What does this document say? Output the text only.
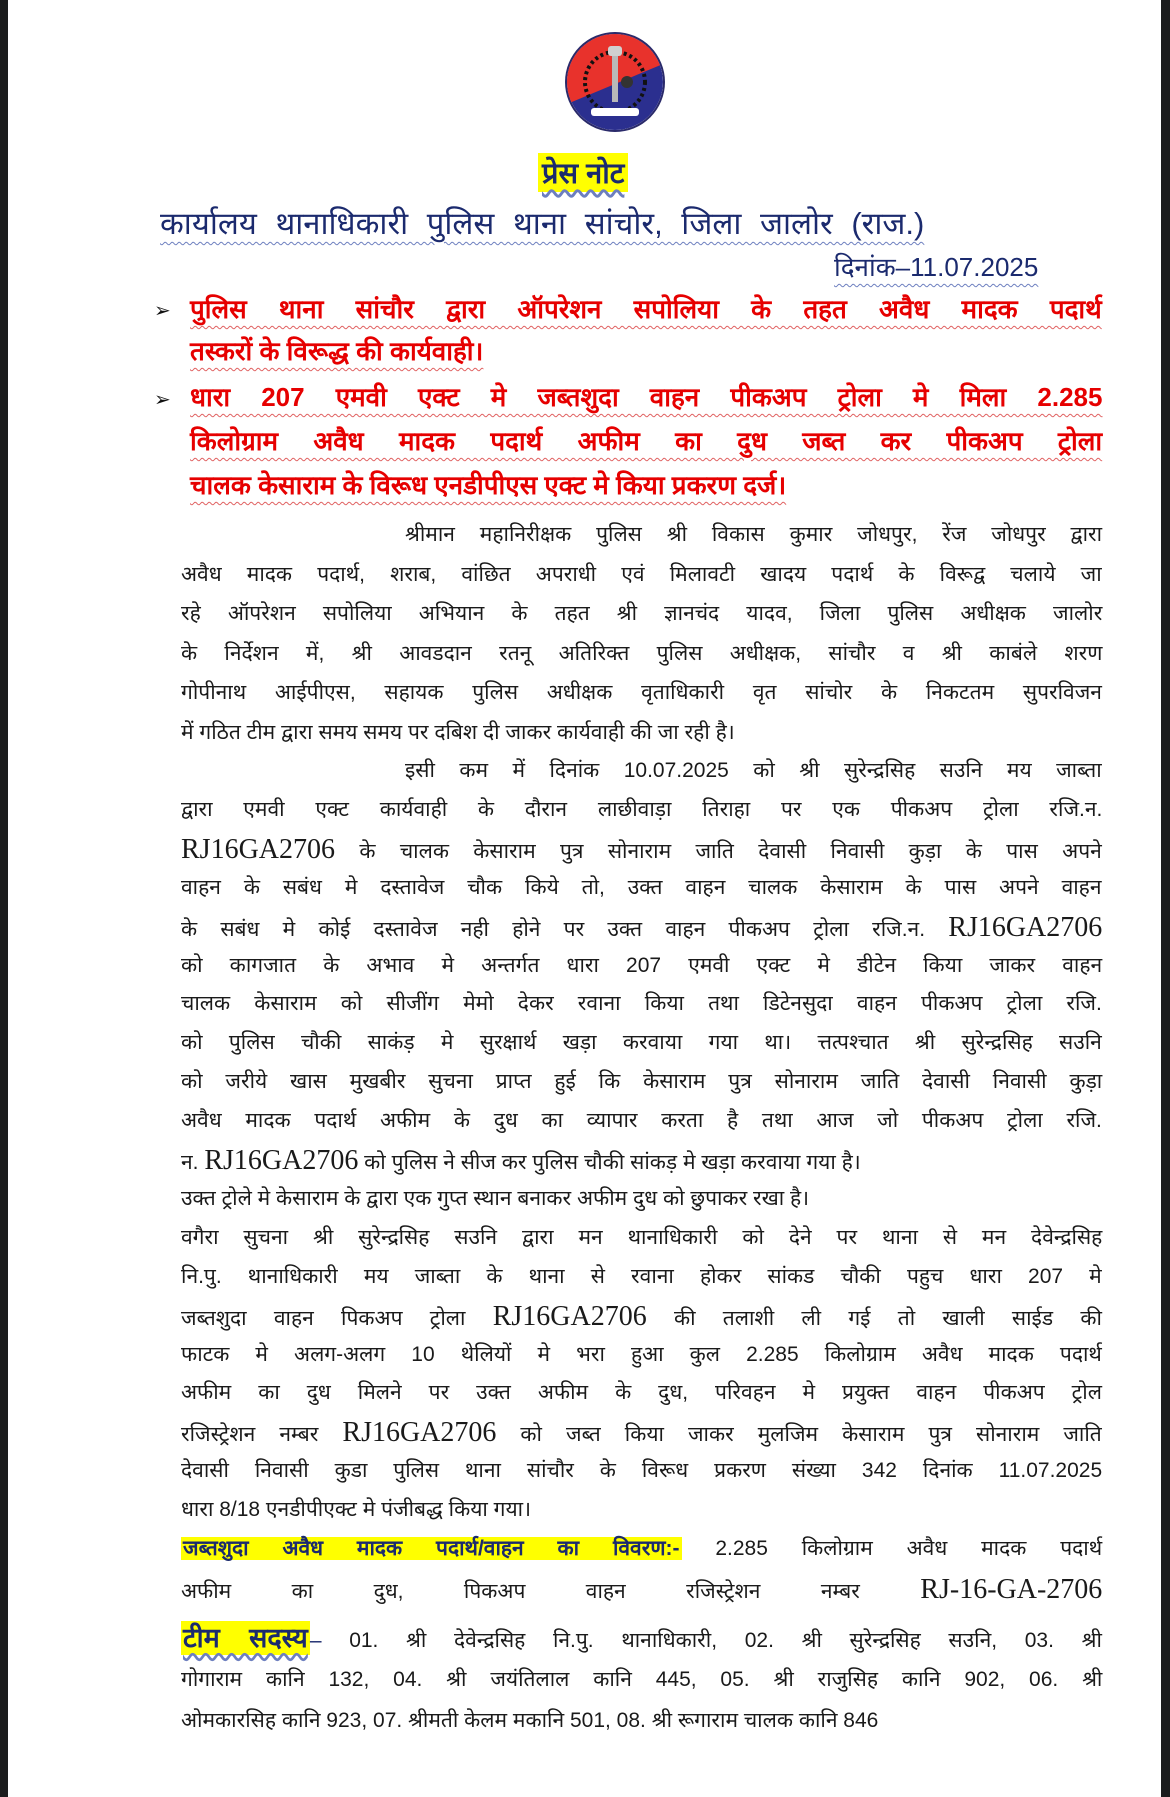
प्रेस नोट
कार्यालय थानाधिकारी पुलिस थाना सांचोर, जिला जालोर (राज.)
दिनांक–11.07.2025
➢ पुलिस थाना सांचौर द्वारा ऑपरेशन सपोलिया के तहत अवैध मादक पदार्थ
तस्करों के विरूद्ध की कार्यवाही।
➢ धारा 207 एमवी एक्ट मे जब्तशुदा वाहन पीकअप ट्रोला मे मिला 2.285
किलोग्राम अवैध मादक पदार्थ अफीम का दुध जब्त कर पीकअप ट्रोला
चालक केसाराम के विरूध एनडीपीएस एक्ट मे किया प्रकरण दर्ज।
श्रीमान महानिरीक्षक पुलिस श्री विकास कुमार जोधपुर, रेंज जोधपुर द्वारा
अवैध मादक पदार्थ, शराब, वांछित अपराधी एवं मिलावटी खादय पदार्थ के विरूद्व चलाये जा
रहे ऑपरेशन सपोलिया अभियान के तहत श्री ज्ञानचंद यादव, जिला पुलिस अधीक्षक जालोर
के निर्देशन में, श्री आवडदान रतनू अतिरिक्त पुलिस अधीक्षक, सांचौर व श्री काबंले शरण
गोपीनाथ आईपीएस, सहायक पुलिस अधीक्षक वृताधिकारी वृत सांचोर के निकटतम सुपरविजन
में गठित टीम द्वारा समय समय पर दबिश दी जाकर कार्यवाही की जा रही है।
इसी कम में दिनांक 10.07.2025 को श्री सुरेन्द्रसिह सउनि मय जाब्ता
द्वारा एमवी एक्ट कार्यवाही के दौरान लाछीवाड़ा तिराहा पर एक पीकअप ट्रोला रजि.न.
RJ16GA2706 के चालक केसाराम पुत्र सोनाराम जाति देवासी निवासी कुड़ा के पास अपने
वाहन के सबंध मे दस्तावेज चौक किये तो, उक्त वाहन चालक केसाराम के पास अपने वाहन
के सबंध मे कोई दस्तावेज नही होने पर उक्त वाहन पीकअप ट्रोला रजि.न. RJ16GA2706
को कागजात के अभाव मे अन्तर्गत धारा 207 एमवी एक्ट मे डीटेन किया जाकर वाहन
चालक केसाराम को सीजींग मेमो देकर रवाना किया तथा डिटेनसुदा वाहन पीकअप ट्रोला रजि.
को पुलिस चौकी साकंड़ मे सुरक्षार्थ खड़ा करवाया गया था। त्तत्पश्चात श्री सुरेन्द्रसिह सउनि
को जरीये खास मुखबीर सुचना प्राप्त हुई कि केसाराम पुत्र सोनाराम जाति देवासी निवासी कुड़ा
अवैध मादक पदार्थ अफीम के दुध का व्यापार करता है तथा आज जो पीकअप ट्रोला रजि.
न. RJ16GA2706 को पुलिस ने सीज कर पुलिस चौकी सांकड़ मे खड़ा करवाया गया है।
उक्त ट्रोले मे केसाराम के द्वारा एक गुप्त स्थान बनाकर अफीम दुध को छुपाकर रखा है।
वगैरा सुचना श्री सुरेन्द्रसिह सउनि द्वारा मन थानाधिकारी को देने पर थाना से मन देवेन्द्रसिह
नि.पु. थानाधिकारी मय जाब्ता के थाना से रवाना होकर सांकड चौकी पहुच धारा 207 मे
जब्तशुदा वाहन पिकअप ट्रोला RJ16GA2706 की तलाशी ली गई तो खाली साईड की
फाटक मे अलग-अलग 10 थेलियों मे भरा हुआ कुल 2.285 किलोग्राम अवैध मादक पदार्थ
अफीम का दुध मिलने पर उक्त अफीम के दुध, परिवहन मे प्रयुक्त वाहन पीकअप ट्रोल
रजिस्ट्रेशन नम्बर RJ16GA2706 को जब्त किया जाकर मुलजिम केसाराम पुत्र सोनाराम जाति
देवासी निवासी कुडा पुलिस थाना सांचौर के विरूध प्रकरण संख्या 342 दिनांक 11.07.2025
धारा 8/18 एनडीपीएक्ट मे पंजीबद्ध किया गया।
जब्तशुदा अवैध मादक पदार्थ/वाहन का विवरण:- 2.285 किलोग्राम अवैध मादक पदार्थ
अफीम का दुध, पिकअप वाहन रजिस्ट्रेशन नम्बर RJ-16-GA-2706
टीम सदस्य– 01. श्री देवेन्द्रसिह नि.पु. थानाधिकारी, 02. श्री सुरेन्द्रसिह सउनि, 03. श्री
गोगाराम कानि 132, 04. श्री जयंतिलाल कानि 445, 05. श्री राजुसिह कानि 902, 06. श्री
ओमकारसिह कानि 923, 07. श्रीमती केलम मकानि 501, 08. श्री रूगाराम चालक कानि 846
